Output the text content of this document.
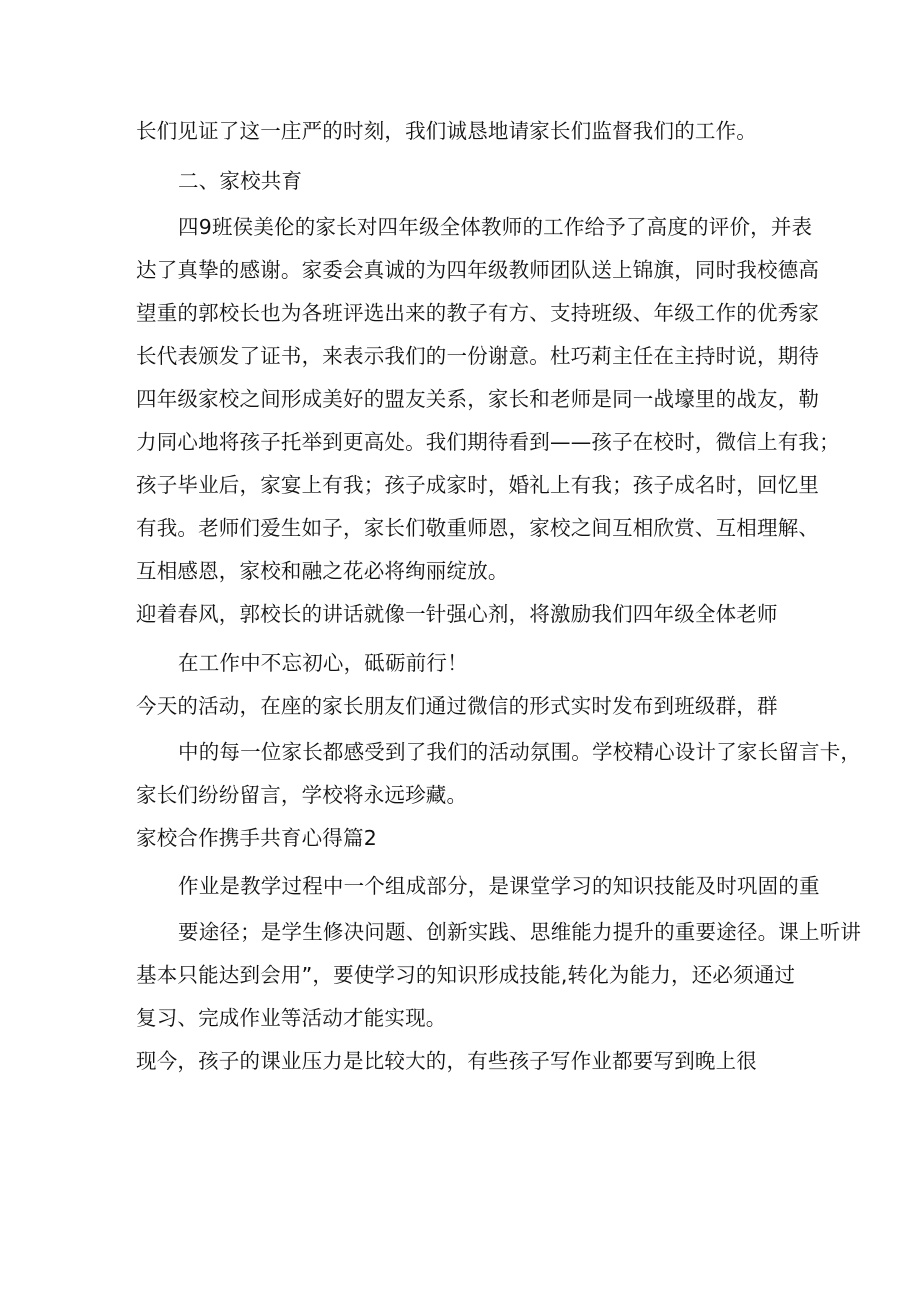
长们见证了这一庄严的时刻，我们诚恳地请家长们监督我们的工作。
二、家校共育
四9班侯美伦的家长对四年级全体教师的工作给予了高度的评价，并表
达了真挚的感谢。家委会真诚的为四年级教师团队送上锦旗，同时我校德高
望重的郭校长也为各班评选出来的教子有方、支持班级、年级工作的优秀家
长代表颁发了证书，来表示我们的一份谢意。杜巧莉主任在主持时说，期待
四年级家校之间形成美好的盟友关系，家长和老师是同一战壕里的战友，勒
力同心地将孩子托举到更高处。我们期待看到——孩子在校时，微信上有我；
孩子毕业后，家宴上有我；孩子成家时，婚礼上有我；孩子成名时，回忆里
有我。老师们爱生如子，家长们敬重师恩，家校之间互相欣赏、互相理解、
互相感恩，家校和融之花必将绚丽绽放。
迎着春风，郭校长的讲话就像一针强心剂，将激励我们四年级全体老师
在工作中不忘初心，砥砺前行！
今天的活动，在座的家长朋友们通过微信的形式实时发布到班级群，群
中的每一位家长都感受到了我们的活动氛围。学校精心设计了家长留言卡，
家长们纷纷留言，学校将永远珍藏。
家校合作携手共育心得篇2
作业是教学过程中一个组成部分，是课堂学习的知识技能及时巩固的重
要途径；是学生修决问题、创新实践、思维能力提升的重要途径。课上听讲
基本只能达到会用”，要使学习的知识形成技能,转化为能力，还必须通过
复习、完成作业等活动才能实现。
现今，孩子的课业压力是比较大的，有些孩子写作业都要写到晚上很
